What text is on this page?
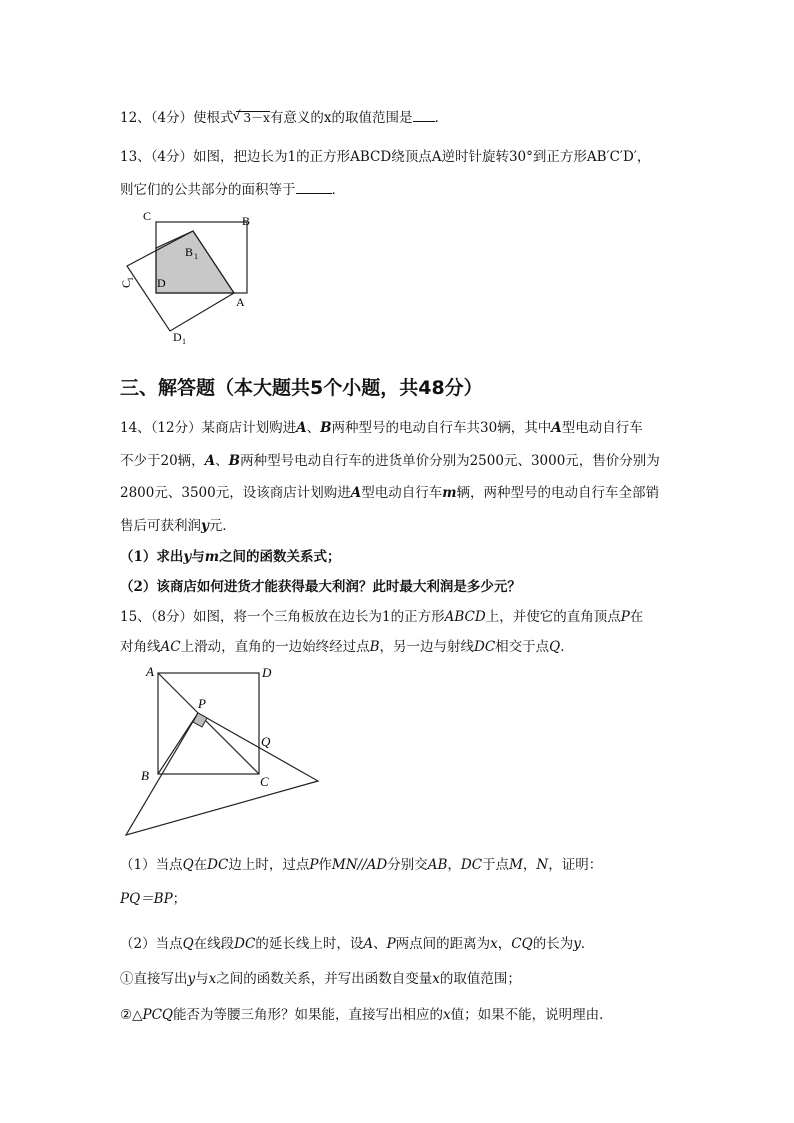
12、（4分）使根式√ 3－x有意义的x的取值范围是 ．
13、（4分）如图，把边长为1的正方形ABCD绕顶点A逆时针旋转30°到正方形AB′C′D′，
则它们的公共部分的面积等于	．
C	B
B 1
C
1 D
A
D 1
三、解答题（本大题共5个小题，共48分）
14、（12分）某商店计划购进A、B两种型号的电动自行车共30辆，其中A型电动自行车
不少于20辆，A、B两种型号电动自行车的进货单价分别为2500元、3000元，售价分别为
2800元、3500元，设该商店计划购进A型电动自行车m辆，两种型号的电动自行车全部销
售后可获利润y元．
（1）求出y与m之间的函数关系式；
（2）该商店如何进货才能获得最大利润？此时最大利润是多少元？
15、（8分）如图，将一个三角板放在边长为1的正方形ABCD上，并使它的直角顶点P在
对角线AC上滑动，直角的一边始终经过点B，另一边与射线DC相交于点Q．
A	D
P
Q
B	C
（1）当点Q在DC边上时，过点P作MN//AD分别交AB，DC于点M，N，证明：
PQ＝BP；
（2）当点Q在线段DC的延长线上时，设A、P两点间的距离为x，CQ的长为y．
①直接写出y与x之间的函数关系，并写出函数自变量x的取值范围；
②△PCQ能否为等腰三角形？如果能，直接写出相应的x值；如果不能，说明理由．
